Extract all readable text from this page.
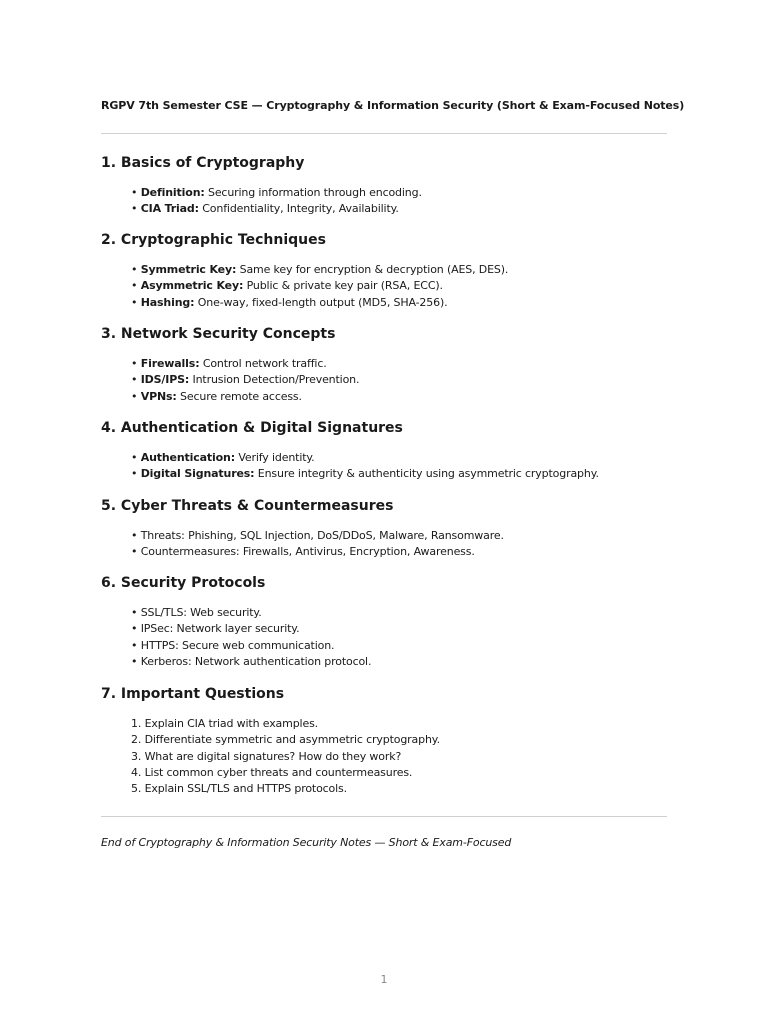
RGPV 7th Semester CSE — Cryptography & Information Security (Short & Exam-Focused Notes)
1. Basics of Cryptography
• Definition: Securing information through encoding.
• CIA Triad: Confidentiality, Integrity, Availability.
2. Cryptographic Techniques
• Symmetric Key: Same key for encryption & decryption (AES, DES).
• Asymmetric Key: Public & private key pair (RSA, ECC).
• Hashing: One-way, fixed-length output (MD5, SHA-256).
3. Network Security Concepts
• Firewalls: Control network traffic.
• IDS/IPS: Intrusion Detection/Prevention.
• VPNs: Secure remote access.
4. Authentication & Digital Signatures
• Authentication: Verify identity.
• Digital Signatures: Ensure integrity & authenticity using asymmetric cryptography.
5. Cyber Threats & Countermeasures
• Threats: Phishing, SQL Injection, DoS/DDoS, Malware, Ransomware.
• Countermeasures: Firewalls, Antivirus, Encryption, Awareness.
6. Security Protocols
• SSL/TLS: Web security.
• IPSec: Network layer security.
• HTTPS: Secure web communication.
• Kerberos: Network authentication protocol.
7. Important Questions
1. Explain CIA triad with examples.
2. Differentiate symmetric and asymmetric cryptography.
3. What are digital signatures? How do they work?
4. List common cyber threats and countermeasures.
5. Explain SSL/TLS and HTTPS protocols.
End of Cryptography & Information Security Notes — Short & Exam-Focused
1
